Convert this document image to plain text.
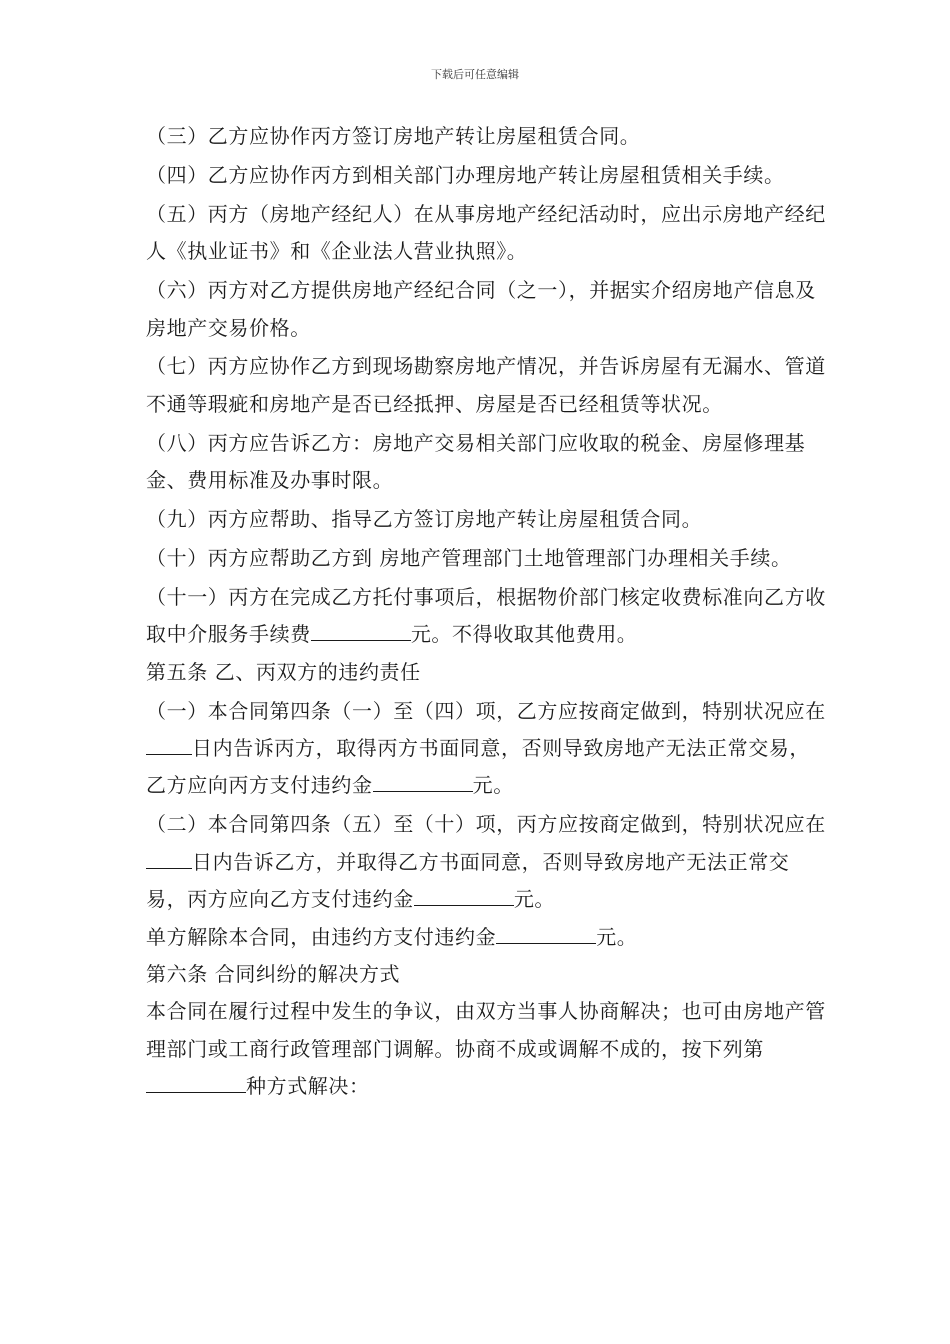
下载后可任意编辑

（三）乙方应协作丙方签订房地产转让房屋租赁合同。

（四）乙方应协作丙方到相关部门办理房地产转让房屋租赁相关手续。

（五）丙方（房地产经纪人）在从事房地产经纪活动时，应出示房地产经纪人《执业证书》和《企业法人营业执照》。

（六）丙方对乙方提供房地产经纪合同（之一），并据实介绍房地产信息及房地产交易价格。

（七）丙方应协作乙方到现场勘察房地产情况，并告诉房屋有无漏水、管道不通等瑕疵和房地产是否已经抵押、房屋是否已经租赁等状况。

（八）丙方应告诉乙方：房地产交易相关部门应收取的税金、房屋修理基金、费用标准及办事时限。

（九）丙方应帮助、指导乙方签订房地产转让房屋租赁合同。

（十）丙方应帮助乙方到 房地产管理部门土地管理部门办理相关手续。

（十一）丙方在完成乙方托付事项后，根据物价部门核定收费标准向乙方收取中介服务手续费	元。不得收取其他费用。

第五条 乙、丙双方的违约责任

（一）本合同第四条（一）至（四）项，乙方应按商定做到，特别状况应在日内告诉丙方，取得丙方书面同意，否则导致房地产无法正常交易，乙方应向丙方支付违约金	元。

（二）本合同第四条（五）至（十）项，丙方应按商定做到，特别状况应在日内告诉乙方，并取得乙方书面同意，否则导致房地产无法正常交易，丙方应向乙方支付违约金	元。

单方解除本合同，由违约方支付违约金	元。

第六条 合同纠纷的解决方式

本合同在履行过程中发生的争议，由双方当事人协商解决；也可由房地产管理部门或工商行政管理部门调解。协商不成或调解不成的，按下列第种方式解决：
